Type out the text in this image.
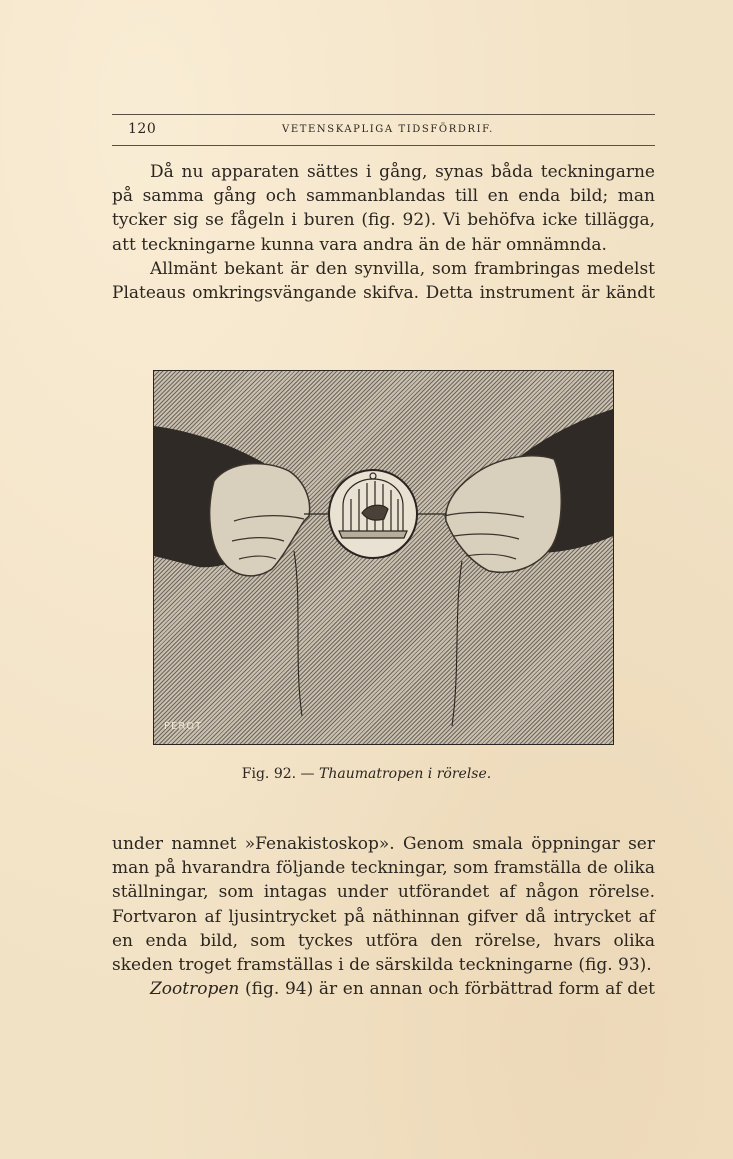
120	VETENSKAPLIGA TIDSFÖRDRIF.

Då nu apparaten sättes i gång, synas båda teckningarne på samma gång och sammanblandas till en enda bild; man tycker sig se fågeln i buren (fig. 92). Vi behöfva icke tillägga, att teckningarne kunna vara andra än de här omnämnda.

Allmänt bekant är den synvilla, som frambringas medelst Plateaus omkringsvängande skifva. Detta instrument är kändt

PEROT
Fig. 92. — Thaumatropen i rörelse.

under namnet »Fenakistoskop». Genom smala öppningar ser man på hvarandra följande teckningar, som framställa de olika ställningar, som intagas under utförandet af någon rörelse. Fortvaron af ljusintrycket på näthinnan gifver då intrycket af en enda bild, som tyckes utföra den rörelse, hvars olika skeden troget framställas i de särskilda teckningarne (fig. 93).

Zootropen (fig. 94) är en annan och förbättrad form af det
